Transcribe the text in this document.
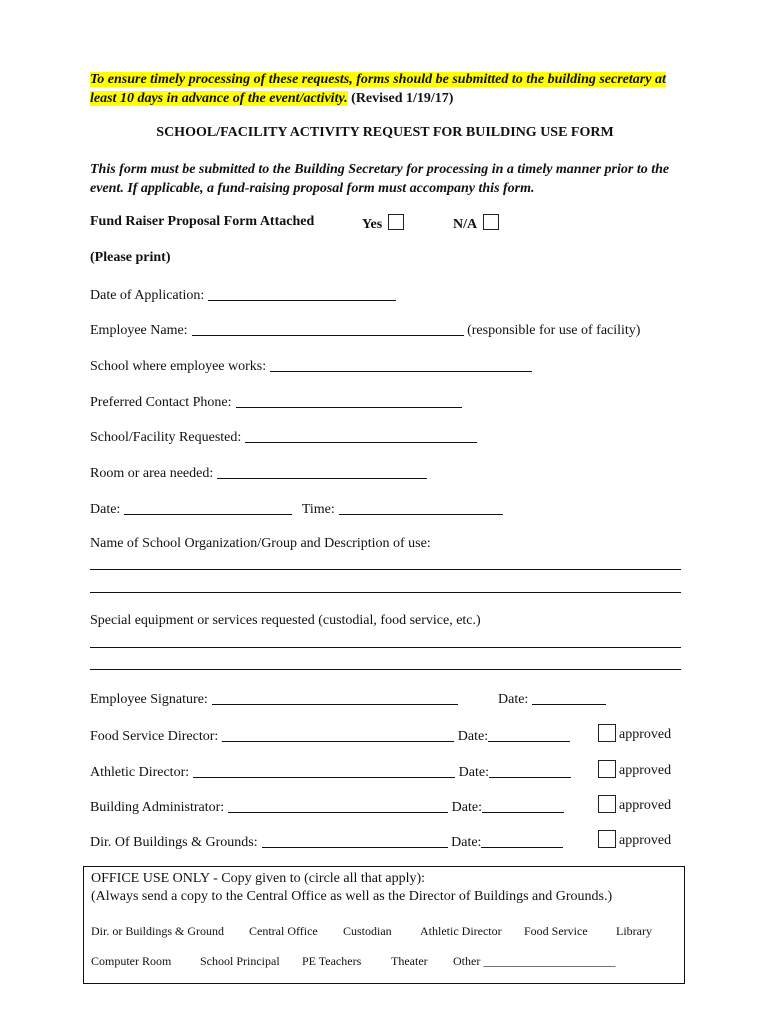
To ensure timely processing of these requests, forms should be submitted to the building secretary at least 10 days in advance of the event/activity. (Revised 1/19/17)
SCHOOL/FACILITY ACTIVITY REQUEST FOR BUILDING USE FORM
This form must be submitted to the Building Secretary for processing in a timely manner prior to the event. If applicable, a fund-raising proposal form must accompany this form.
Fund Raiser Proposal Form Attached	Yes	N/A
(Please print)
Date of Application:
Employee Name:	(responsible for use of facility)
School where employee works:
Preferred Contact Phone:
School/Facility Requested:
Room or area needed:
Date:	Time:
Name of School Organization/Group and Description of use:
Special equipment or services requested (custodial, food service, etc.)
Employee Signature:	Date:
Food Service Director:	Date:	approved
Athletic Director:	Date:	approved
Building Administrator:	Date:	approved
Dir. Of Buildings & Grounds:	Date:	approved
OFFICE USE ONLY - Copy given to (circle all that apply):
(Always send a copy to the Central Office as well as the Director of Buildings and Grounds.)
Dir. or Buildings & Ground Central Office Custodian Athletic Director Food Service Library
Computer Room School Principal PE Teachers Theater Other ______________________
